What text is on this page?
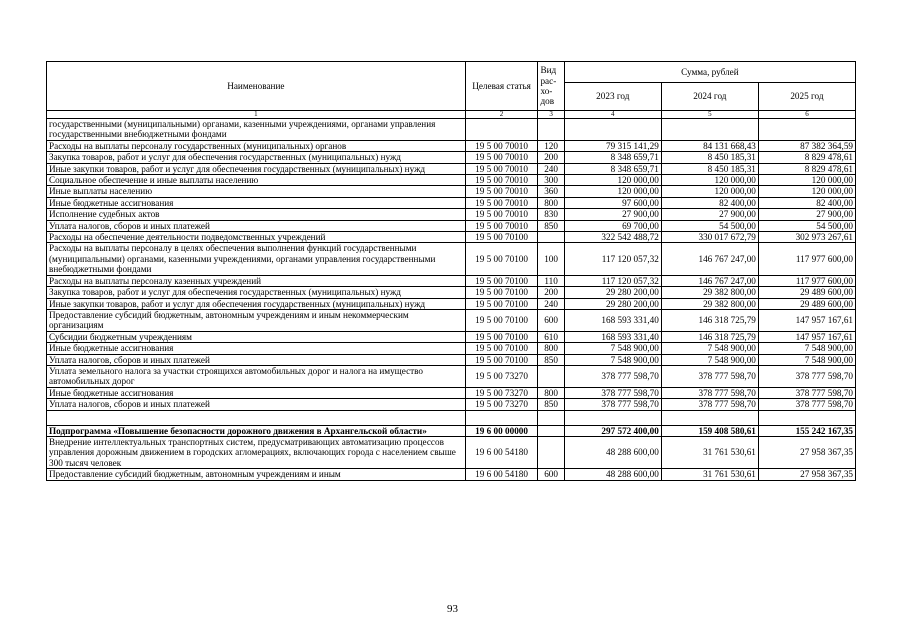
Наименование	Целевая статья	Вид рас-хо-дов	Сумма, рублей		
			2023 год	2024 год	2025 год
1	2	3	4	5	6
государственными (муниципальными) органами, казенными учреждениями, органами управления государственными внебюджетными фондами					
Расходы на выплаты персоналу государственных (муниципальных) органов	19 5 00 70010	120	79 315 141,29	84 131 668,43	87 382 364,59
Закупка товаров, работ и услуг для обеспечения государственных (муниципальных) нужд	19 5 00 70010	200	8 348 659,71	8 450 185,31	8 829 478,61
Иные закупки товаров, работ и услуг для обеспечения государственных (муниципальных) нужд	19 5 00 70010	240	8 348 659,71	8 450 185,31	8 829 478,61
Социальное обеспечение и иные выплаты населению	19 5 00 70010	300	120 000,00	120 000,00	120 000,00
Иные выплаты населению	19 5 00 70010	360	120 000,00	120 000,00	120 000,00
Иные бюджетные ассигнования	19 5 00 70010	800	97 600,00	82 400,00	82 400,00
Исполнение судебных актов	19 5 00 70010	830	27 900,00	27 900,00	27 900,00
Уплата налогов, сборов и иных платежей	19 5 00 70010	850	69 700,00	54 500,00	54 500,00
Расходы на обеспечение деятельности подведомственных учреждений	19 5 00 70100		322 542 488,72	330 017 672,79	302 973 267,61
Расходы на выплаты персоналу в целях обеспечения выполнения функций государственными (муниципальными) органами, казенными учреждениями, органами управления государственными внебюджетными фондами	19 5 00 70100	100	117 120 057,32	146 767 247,00	117 977 600,00
Расходы на выплаты персоналу казенных учреждений	19 5 00 70100	110	117 120 057,32	146 767 247,00	117 977 600,00
Закупка товаров, работ и услуг для обеспечения государственных (муниципальных) нужд	19 5 00 70100	200	29 280 200,00	29 382 800,00	29 489 600,00
Иные закупки товаров, работ и услуг для обеспечения государственных (муниципальных) нужд	19 5 00 70100	240	29 280 200,00	29 382 800,00	29 489 600,00
Предоставление субсидий бюджетным, автономным учреждениям и иным некоммерческим организациям	19 5 00 70100	600	168 593 331,40	146 318 725,79	147 957 167,61
Субсидии бюджетным учреждениям	19 5 00 70100	610	168 593 331,40	146 318 725,79	147 957 167,61
Иные бюджетные ассигнования	19 5 00 70100	800	7 548 900,00	7 548 900,00	7 548 900,00
Уплата налогов, сборов и иных платежей	19 5 00 70100	850	7 548 900,00	7 548 900,00	7 548 900,00
Уплата земельного налога за участки строящихся автомобильных дорог и налога на имущество автомобильных дорог	19 5 00 73270		378 777 598,70	378 777 598,70	378 777 598,70
Иные бюджетные ассигнования	19 5 00 73270	800	378 777 598,70	378 777 598,70	378 777 598,70
Уплата налогов, сборов и иных платежей	19 5 00 73270	850	378 777 598,70	378 777 598,70	378 777 598,70

Подпрограмма «Повышение безопасности дорожного движения в Архангельской области»	19 6 00 00000		297 572 400,00	159 408 580,61	155 242 167,35
Внедрение интеллектуальных транспортных систем, предусматривающих автоматизацию процессов управления дорожным движением в городских агломерациях, включающих города с населением свыше 300 тысяч человек	19 6 00 54180		48 288 600,00	31 761 530,61	27 958 367,35
Предоставление субсидий бюджетным, автономным учреждениям и иным	19 6 00 54180	600	48 288 600,00	31 761 530,61	27 958 367,35
93
